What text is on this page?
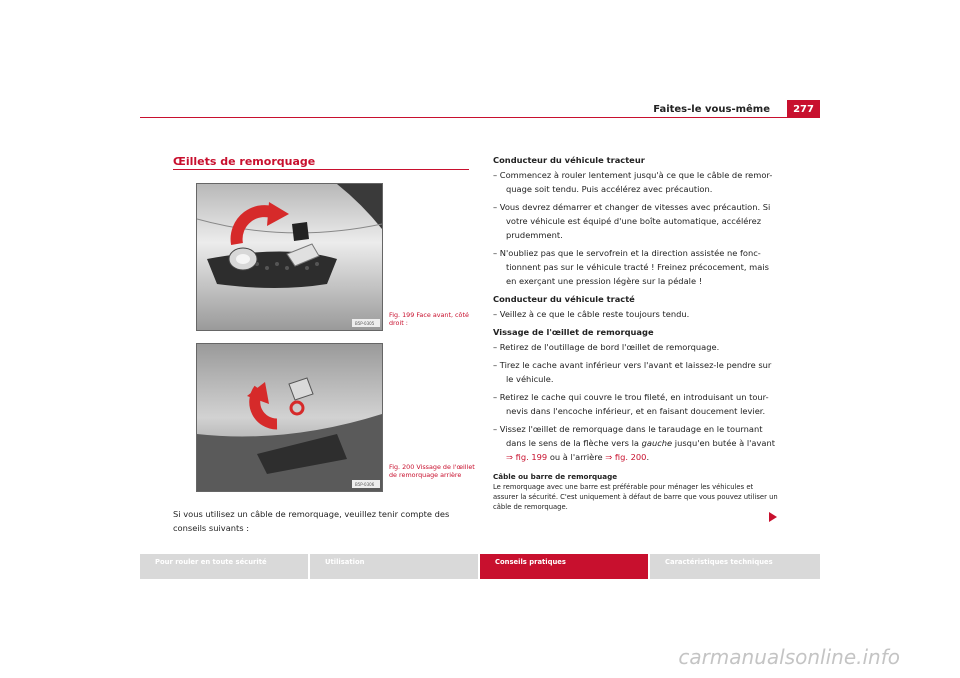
Faites-le vous-même	277
Œillets de remorquage
B5P-0305
Fig. 199 Face avant, côté droit :
B5P-0306
Fig. 200 Vissage de l'œillet de remorquage arrière
Si vous utilisez un câble de remorquage, veuillez tenir compte des conseils suivants :

Conducteur du véhicule tracteur

– Commencez à rouler lentement jusqu'à ce que le câble de remor- quage soit tendu. Puis accélérez avec précaution.

– Vous devrez démarrer et changer de vitesses avec précaution. Si votre véhicule est équipé d'une boîte automatique, accélérez prudemment.

– N'oubliez pas que le servofrein et la direction assistée ne fonc- tionnent pas sur le véhicule tracté ! Freinez précocement, mais en exerçant une pression légère sur la pédale !

Conducteur du véhicule tracté

– Veillez à ce que le câble reste toujours tendu.

Vissage de l'œillet de remorquage

– Retirez de l'outillage de bord l'œillet de remorquage.

– Tirez le cache avant inférieur vers l'avant et laissez-le pendre sur le véhicule.

– Retirez le cache qui couvre le trou fileté, en introduisant un tour- nevis dans l'encoche inférieur, et en faisant doucement levier.

– Vissez l'œillet de remorquage dans le taraudage en le tournant dans le sens de la flèche vers la gauche jusqu'en butée à l'avant ⇒ fig. 199 ou à l'arrière ⇒ fig. 200.

Câble ou barre de remorquage
Le remorquage avec une barre est préférable pour ménager les véhicules et assurer la sécurité. C'est uniquement à défaut de barre que vous pouvez utiliser un câble de remorquage.
Pour rouler en toute sécurité	Utilisation	Conseils pratiques	Caractéristiques techniques
carmanualsonline.info
